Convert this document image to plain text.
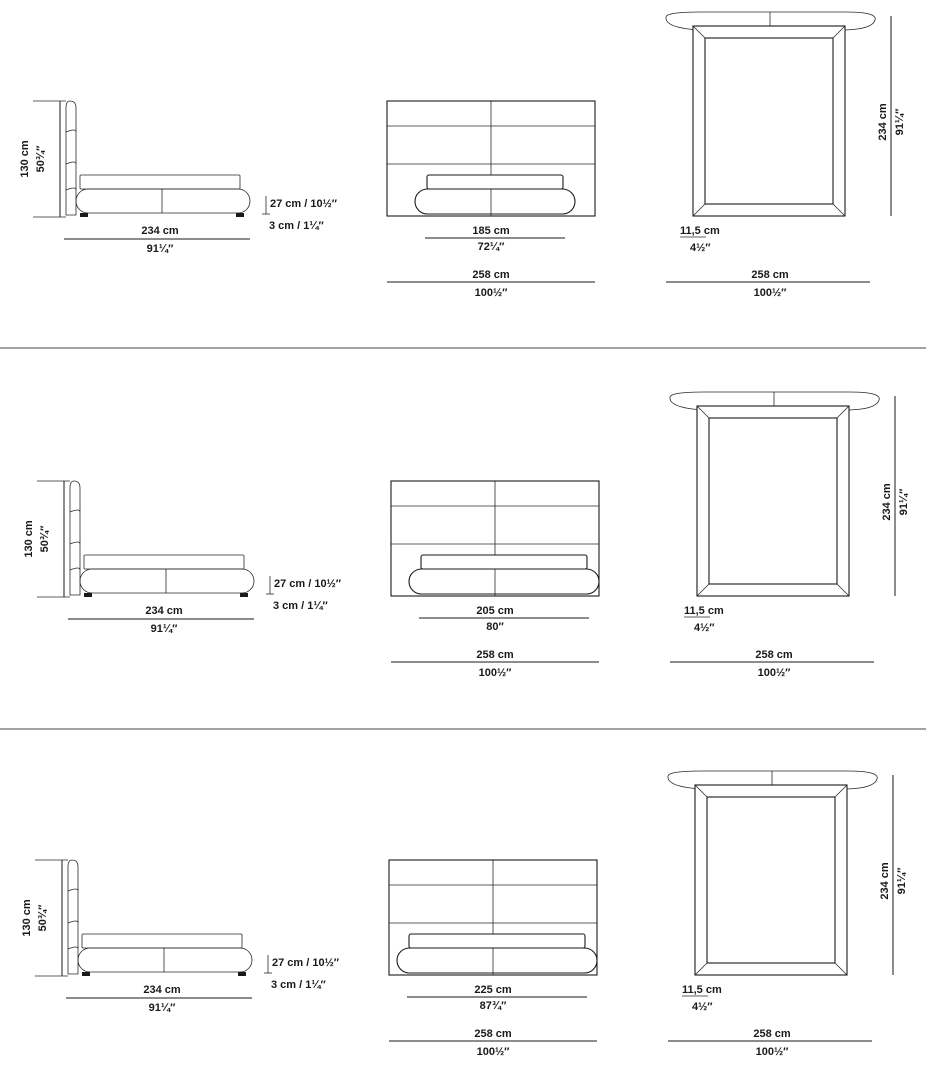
130 cm 50¾″
234 cm
91¼″
27 cm / 10½″
3 cm / 1¼″	185 cm
72¼″
258 cm
100½″
234 cm 91¼″
11,5 cm
4½″
258 cm
100½″
130 cm 50¾″
234 cm
91¼″
27 cm / 10½″
3 cm / 1¼″	205 cm
80″
258 cm
100½″
234 cm 91¼″
11,5 cm
4½″
258 cm
100½″
130 cm 50¾″
234 cm
91¼″
27 cm / 10½″
3 cm / 1¼″	225 cm
87¾″
258 cm
100½″
234 cm 91¼″
11,5 cm
4½″
258 cm
100½″
